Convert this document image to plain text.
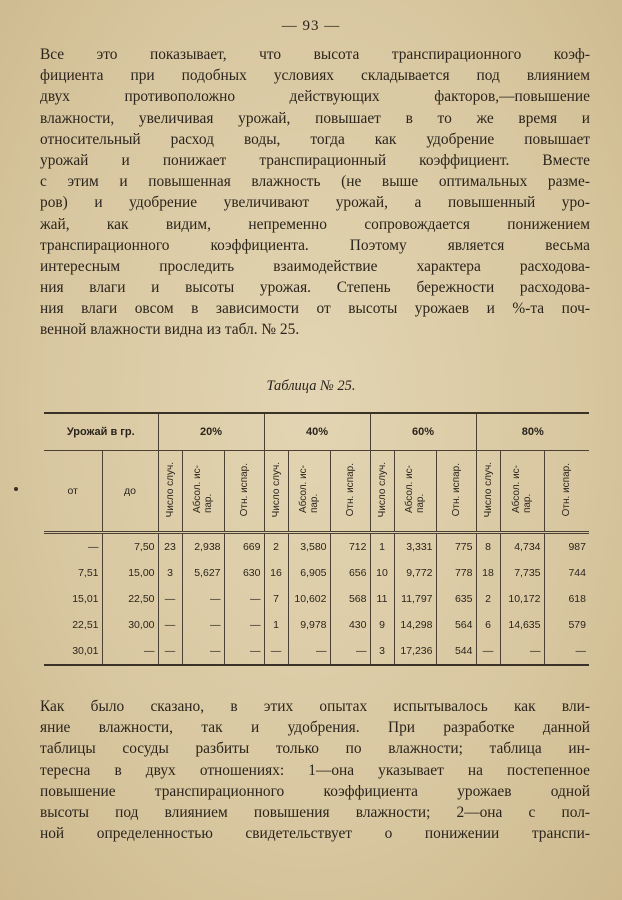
— 93 —
Все это показывает, что высота транспирационного коэф-
фициента при подобных условиях складывается под влиянием
двух противоположно действующих факторов,—повышение
влажности, увеличивая урожай, повышает в то же время и
относительный расход воды, тогда как удобрение повышает
урожай и понижает транспирационный коэффициент. Вместе
с этим и повышенная влажность (не выше оптимальных разме-
ров) и удобрение увеличивают урожай, а повышенный уро-
жай, как видим, непременно сопровождается понижением
транспирационного коэффициента. Поэтому является весьма
интересным проследить взаимодействие характера расходова-
ния влаги и высоты урожая. Степень бережности расходова-
ния влаги овсом в зависимости от высоты урожаев и %-та поч-
венной влажности видна из табл. № 25.
Таблица № 25.
Урожай в гр.		20%			40%			60%			80%		
от	до	Число случ.	Абсол. ис-
пар.	Отн. испар.	Число случ.	Абсол. ис-
пар.	Отн. испар.	Число случ.	Абсол. ис-
пар.	Отн. испар.	Число случ.	Абсол. ис-
пар.	Отн. испар.
—	7,50	23	2,938	669	2	3,580	712	1	3,331	775	8	4,734	987
7,51	15,00	3	5,627	630	16	6,905	656	10	9,772	778	18	7,735	744
15,01	22,50	—	—	—	7	10,602	568	11	11,797	635	2	10,172	618
22,51	30,00	—	—	—	1	9,978	430	9	14,298	564	6	14,635	579
30,01	—	—	—	—	—	—	—	3	17,236	544	—	—	—
Как было сказано, в этих опытах испытывалось как вли-
яние влажности, так и удобрения. При разработке данной
таблицы сосуды разбиты только по влажности; таблица ин-
тересна в двух отношениях: 1—она указывает на постепенное
повышение транспирационного коэффициента урожаев одной
высоты под влиянием повышения влажности; 2—она с пол-
ной определенностью свидетельствует о понижении транспи-
